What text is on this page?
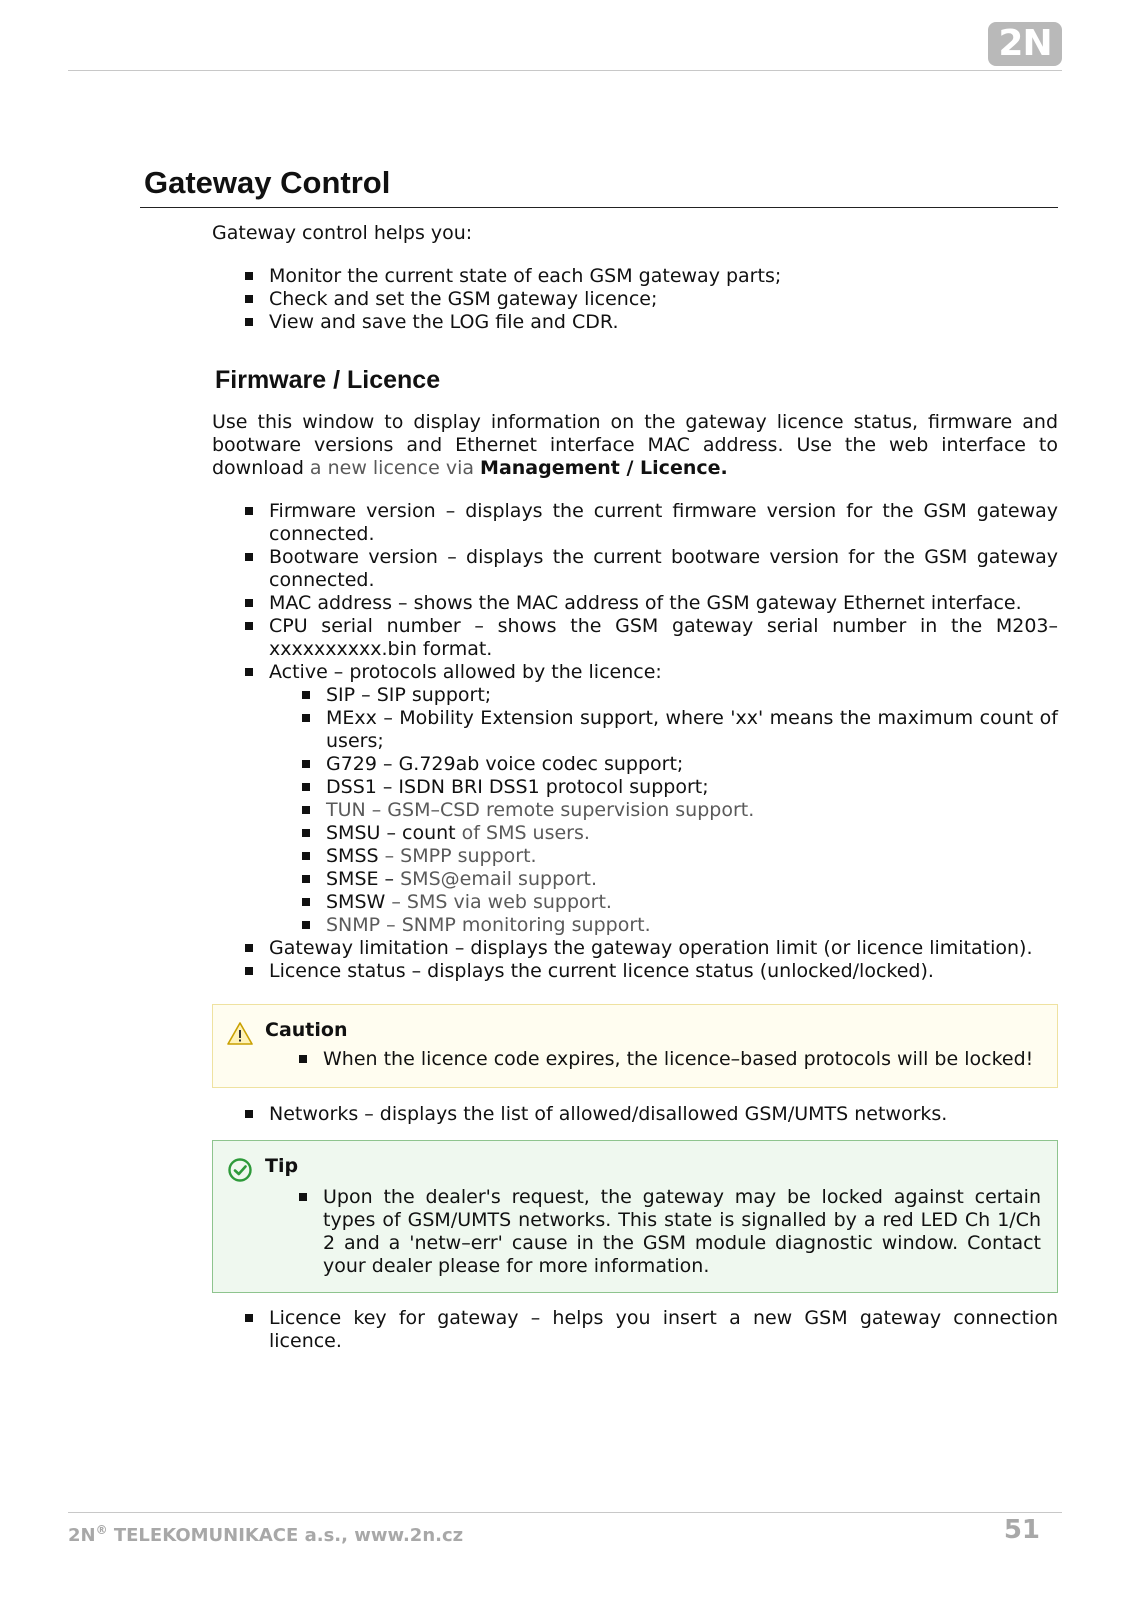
2N
Gateway Control

Gateway control helps you:

Monitor the current state of each GSM gateway parts;
Check and set the GSM gateway licence;
View and save the LOG file and CDR.
Firmware / Licence

Use this window to display information on the gateway licence status, firmware and bootware versions and Ethernet interface MAC address. Use the web interface to download a new licence via Management / Licence.

Firmware version – displays the current firmware version for the GSM gateway connected.
Bootware version – displays the current bootware version for the GSM gateway connected.
MAC address – shows the MAC address of the GSM gateway Ethernet interface.
CPU serial number – shows the GSM gateway serial number in the M203–xxxxxxxxxx.bin format.
Active – protocols allowed by the licence:
SIP – SIP support;
MExx – Mobility Extension support, where 'xx' means the maximum count of users;
G729 – G.729ab voice codec support;
DSS1 – ISDN BRI DSS1 protocol support;
TUN – GSM–CSD remote supervision support.
SMSU – count of SMS users.
SMSS – SMPP support.
SMSE – SMS@email support.
SMSW – SMS via web support.
SNMP – SNMP monitoring support.
Gateway limitation – displays the gateway operation limit (or licence limitation).
Licence status – displays the current licence status (unlocked/locked).
Caution
When the licence code expires, the licence–based protocols will be locked!
Networks – displays the list of allowed/disallowed GSM/UMTS networks.
Tip
Upon the dealer's request, the gateway may be locked against certain types of GSM/UMTS networks. This state is signalled by a red LED Ch 1/Ch 2 and a 'netw–err' cause in the GSM module diagnostic window. Contact your dealer please for more information.
Licence key for gateway – helps you insert a new GSM gateway connection licence.
2N® TELEKOMUNIKACE a.s., www.2n.cz	51
